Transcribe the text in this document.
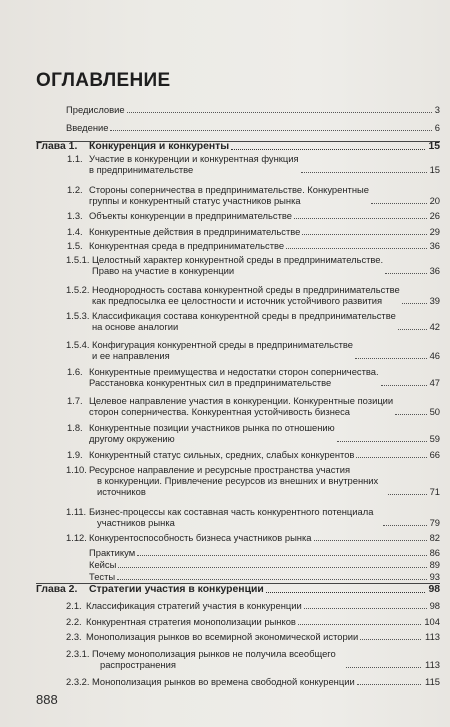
ОГЛАВЛЕНИЕ
Предисловие	3
Введение	6
Глава 1. Конкуренция и конкуренты	15
1.1. Участие в конкуренции и конкурентная функция
в предпринимательстве	15
1.2. Стороны соперничества в предпринимательстве. Конкурентные
группы и конкурентный статус участников рынка	20
1.3. Объекты конкуренции в предпринимательстве	26
1.4. Конкурентные действия в предпринимательстве	29
1.5. Конкурентная среда в предпринимательстве	36
1.5.1. Целостный характер конкурентной среды в предпринимательстве.
Право на участие в конкуренции	36
1.5.2. Неоднородность состава конкурентной среды в предпринимательстве
как предпосылка ее целостности и источник устойчивого развития	39
1.5.3. Классификация состава конкурентной среды в предпринимательстве
на основе аналогии	42
1.5.4. Конфигурация конкурентной среды в предпринимательстве
и ее направления	46
1.6. Конкурентные преимущества и недостатки сторон соперничества.
Расстановка конкурентных сил в предпринимательстве	47
1.7. Целевое направление участия в конкуренции. Конкурентные позиции
сторон соперничества. Конкурентная устойчивость бизнеса	50
1.8. Конкурентные позиции участников рынка по отношению
другому окружению	59
1.9. Конкурентный статус сильных, средних, слабых конкурентов	66
1.10. Ресурсное направление и ресурсные пространства участия
в конкуренции. Привлечение ресурсов из внешних и внутренних
источников	71
1.11. Бизнес-процессы как составная часть конкурентного потенциала
участников рынка	79
1.12. Конкурентоспособность бизнеса участников рынка	82
Практикум	86
Кейсы	89
Тесты	93
Глава 2. Стратегии участия в конкуренции	98
2.1. Классификация стратегий участия в конкуренции	98
2.2. Конкурентная стратегия монополизации рынков	104
2.3. Монополизация рынков во всемирной экономической истории	113
2.3.1. Почему монополизация рынков не получила всеобщего
распространения	113
2.3.2. Монополизация рынков во времена свободной конкуренции	115
888
